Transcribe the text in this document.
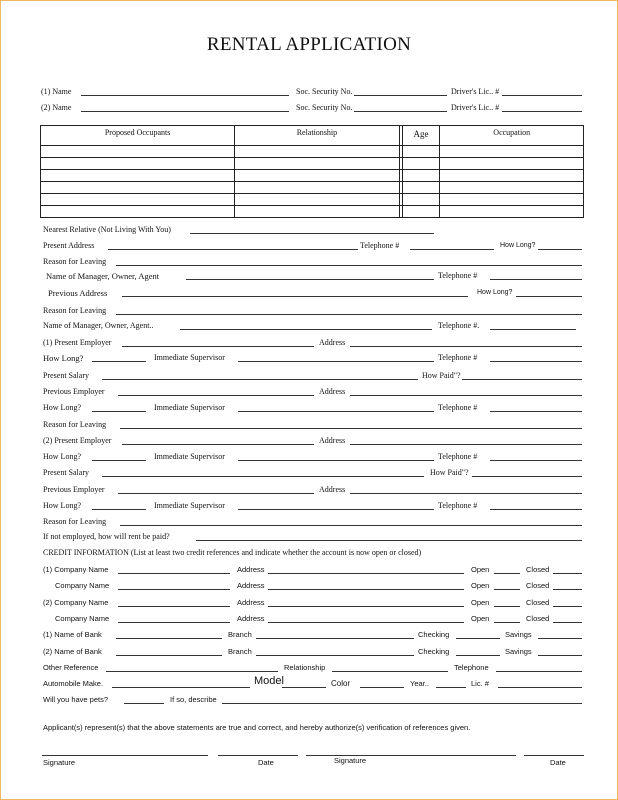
RENTAL APPLICATION
(1) Name	Soc. Security No.	Driver's Lic.. #
(2) Name	Soc. Security No.	Driver's Lic.. #
Proposed Occupants	Relationship		Age	Occupation

Nearest Relative (Not Living With You)
Present Address	Telephone #	How Long?
Reason for Leaving
Name of Manager, Owner, Agent	Telephone #
Previous Address	How Long?
Reason for Leaving
Name of Manager, Owner, Agent..	Telephone #.
(1) Present Employer	Address
How Long?	Immediate Supervisor	Telephone #
Present Salary	How Paid"?
Previous Employer	Address
How Long?	Immediate Supervisor	Telephone #
Reason for Leaving
(2) Present Employer	Address
How Long?	Immediate Supervisor	Telephone #
Present Salary	How Paid"?
Previous Employer	Address
How Long?	Immediate Supervisor	Telephone #
Reason for Leaving
If not employed, how will rent be paid?
CREDIT INFORMATION (List at least two credit references and indicate whether the account is now open or closed)
(1) Company Name	Address	Open	Closed
Company Name	Address	Open	Closed
(2) Company Name	Address	Open	Closed
Company Name	Address	Open	Closed
(1) Name of Bank	Branch	Checking	Savings
(2) Name of Bank	Branch	Checking	Savings
Other Reference	Relationship	Telephone
Automobile Make.	Model	Color	Year..	Lic. #
Will you have pets?	If so, describe
Applicant(s) represent(s) that the above statements are true and correct, and hereby authorize(s) verification of references given.
Signature	Date	Signature	Date
